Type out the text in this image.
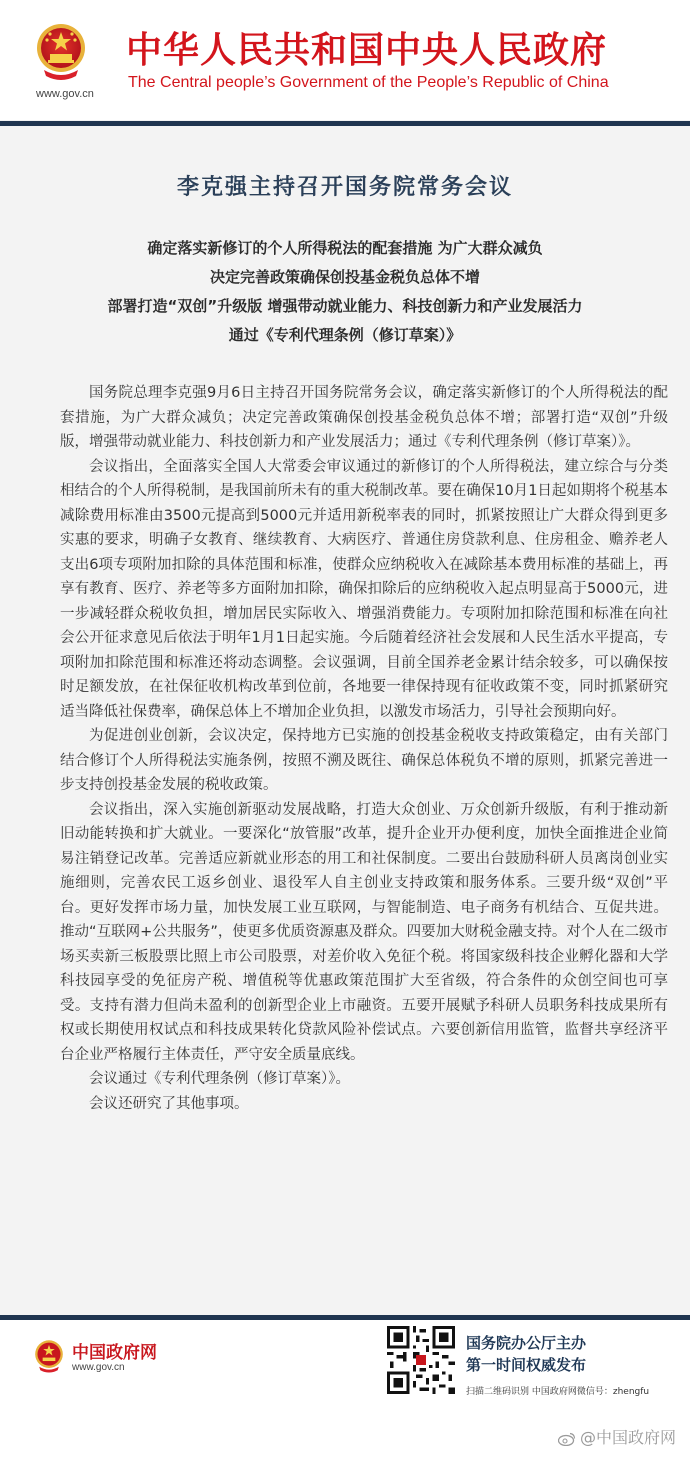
www.gov.cn
中华人民共和国中央人民政府
The Central people’s Government of the People’s Republic of China
李克强主持召开国务院常务会议
确定落实新修订的个人所得税法的配套措施 为广大群众减负
决定完善政策确保创投基金税负总体不增
部署打造“双创”升级版 增强带动就业能力、科技创新力和产业发展活力
通过《专利代理条例（修订草案）》

国务院总理李克强9月6日主持召开国务院常务会议，确定落实新修订的个人所得税法的配套措施，为广大群众减负；决定完善政策确保创投基金税负总体不增；部署打造“双创”升级版，增强带动就业能力、科技创新力和产业发展活力；通过《专利代理条例（修订草案）》。

会议指出，全面落实全国人大常委会审议通过的新修订的个人所得税法，建立综合与分类相结合的个人所得税制，是我国前所未有的重大税制改革。要在确保10月1日起如期将个税基本减除费用标准由3500元提高到5000元并适用新税率表的同时，抓紧按照让广大群众得到更多实惠的要求，明确子女教育、继续教育、大病医疗、普通住房贷款利息、住房租金、赡养老人支出6项专项附加扣除的具体范围和标准，使群众应纳税收入在减除基本费用标准的基础上，再享有教育、医疗、养老等多方面附加扣除，确保扣除后的应纳税收入起点明显高于5000元，进一步减轻群众税收负担，增加居民实际收入、增强消费能力。专项附加扣除范围和标准在向社会公开征求意见后依法于明年1月1日起实施。今后随着经济社会发展和人民生活水平提高，专项附加扣除范围和标准还将动态调整。会议强调，目前全国养老金累计结余较多，可以确保按时足额发放，在社保征收机构改革到位前，各地要一律保持现有征收政策不变，同时抓紧研究适当降低社保费率，确保总体上不增加企业负担，以激发市场活力，引导社会预期向好。

为促进创业创新，会议决定，保持地方已实施的创投基金税收支持政策稳定，由有关部门结合修订个人所得税法实施条例，按照不溯及既往、确保总体税负不增的原则，抓紧完善进一步支持创投基金发展的税收政策。

会议指出，深入实施创新驱动发展战略，打造大众创业、万众创新升级版，有利于推动新旧动能转换和扩大就业。一要深化“放管服”改革，提升企业开办便利度，加快全面推进企业简易注销登记改革。完善适应新就业形态的用工和社保制度。二要出台鼓励科研人员离岗创业实施细则，完善农民工返乡创业、退役军人自主创业支持政策和服务体系。三要升级“双创”平台。更好发挥市场力量，加快发展工业互联网，与智能制造、电子商务有机结合、互促共进。推动“互联网+公共服务”，使更多优质资源惠及群众。四要加大财税金融支持。对个人在二级市场买卖新三板股票比照上市公司股票，对差价收入免征个税。将国家级科技企业孵化器和大学科技园享受的免征房产税、增值税等优惠政策范围扩大至省级，符合条件的众创空间也可享受。支持有潜力但尚未盈利的创新型企业上市融资。五要开展赋予科研人员职务科技成果所有权或长期使用权试点和科技成果转化贷款风险补偿试点。六要创新信用监管，监督共享经济平台企业严格履行主体责任，严守安全质量底线。

会议通过《专利代理条例（修订草案）》。

会议还研究了其他事项。

中国政府网
www.gov.cn
国务院办公厅主办
第一时间权威发布
扫描二维码识别 中国政府网微信号：zhengfu
@中国政府网
